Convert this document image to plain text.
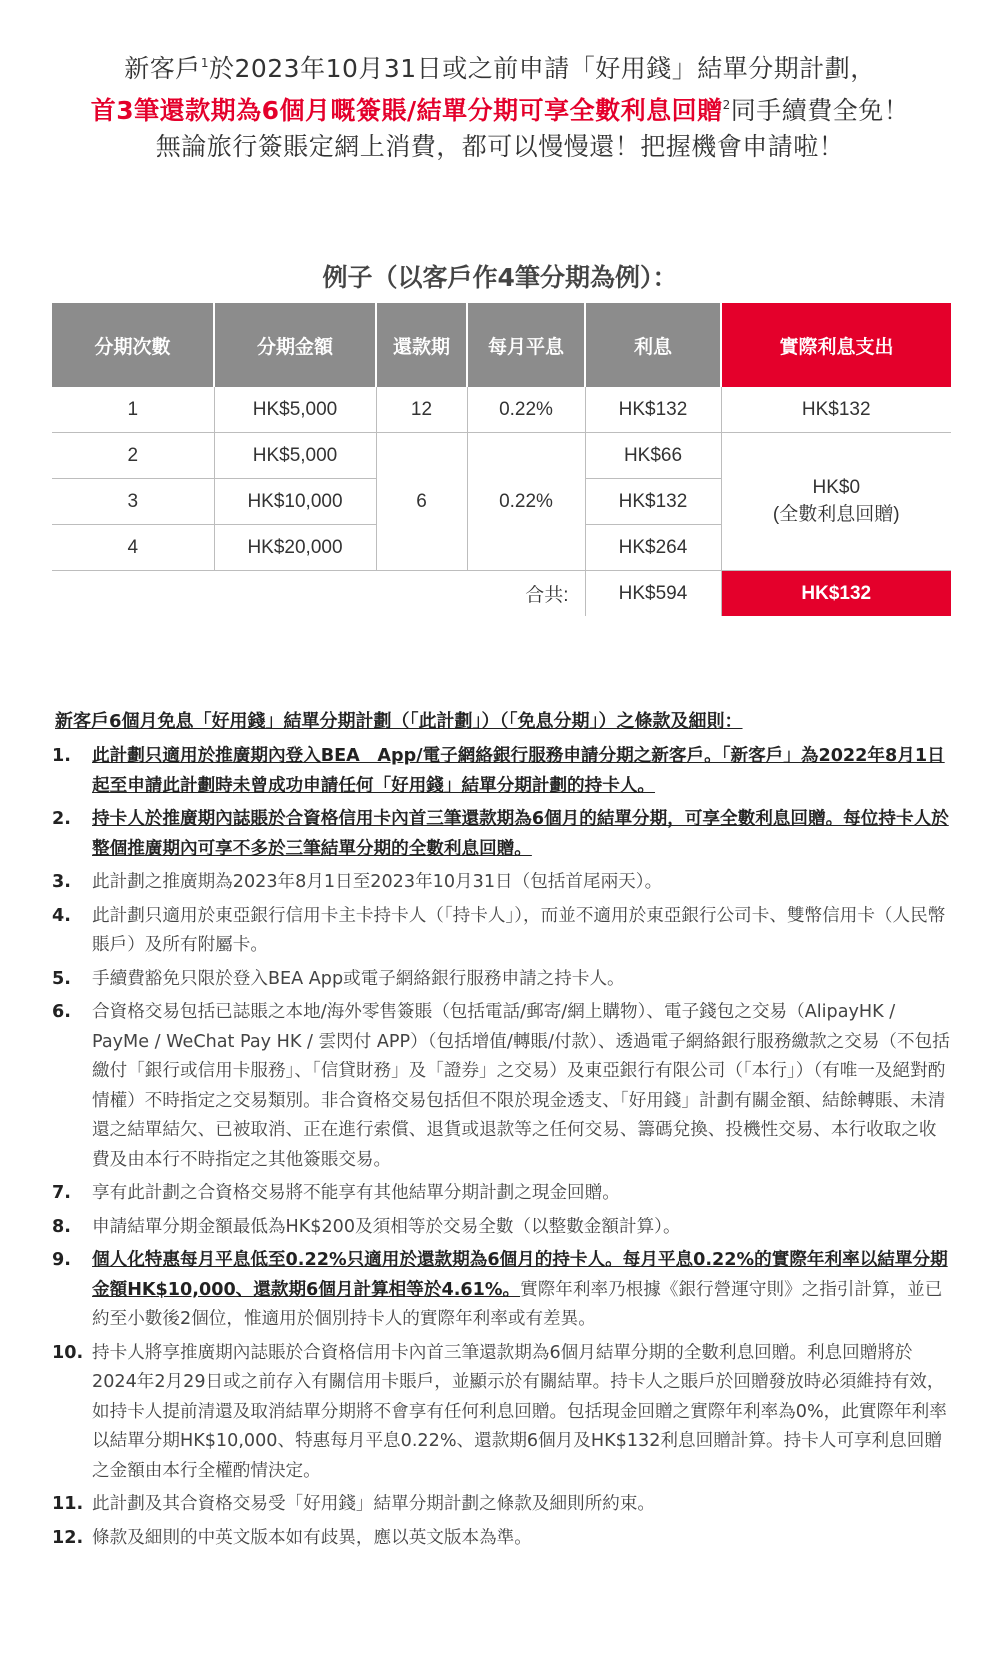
新客戶$^1$於2023年10月31日或之前申請「好用錢」結單分期計劃，
首3筆還款期為6個月嘅簽賬/結單分期可享全數利息回贈$^2$同手續費全免！
無論旅行簽賬定網上消費，都可以慢慢還！把握機會申請啦！
例子（以客戶作4筆分期為例）：
分期次數	分期金額	還款期	每月平息	利息	實際利息支出
1	HK$5,000	12	0.22%	HK$132	HK$132
2	HK$5,000	6	0.22%	HK$66	HK$0
(全數利息回贈)

3	HK$10,000			HK$132	
4	HK$20,000			HK$264	
			合共:	HK$594	HK$132
新客戶6個月免息「好用錢」結單分期計劃（「此計劃」）（「免息分期」）之條款及細則：
1. 此計劃只適用於推廣期內登入BEA　App/電子網絡銀行服務申請分期之新客戶。「新客戶」為2022年8月1日起至申請此計劃時未曾成功申請任何「好用錢」結單分期計劃的持卡人。
2. 持卡人於推廣期內誌賬於合資格信用卡內首三筆還款期為6個月的結單分期，可享全數利息回贈。每位持卡人於整個推廣期內可享不多於三筆結單分期的全數利息回贈。
3. 此計劃之推廣期為2023年8月1日至2023年10月31日（包括首尾兩天）。
4. 此計劃只適用於東亞銀行信用卡主卡持卡人（「持卡人」），而並不適用於東亞銀行公司卡、雙幣信用卡（人民幣賬戶）及所有附屬卡。
5. 手續費豁免只限於登入BEA App或電子網絡銀行服務申請之持卡人。
6. 合資格交易包括已誌賬之本地/海外零售簽賬（包括電話/郵寄/網上購物）、電子錢包之交易（AlipayHK / PayMe / WeChat Pay HK / 雲閃付 APP）（包括增值/轉賬/付款）、透過電子網絡銀行服務繳款之交易（不包括繳付「銀行或信用卡服務」、「信貸財務」及「證券」之交易）及東亞銀行有限公司（「本行」）（有唯一及絕對酌情權）不時指定之交易類別。非合資格交易包括但不限於現金透支、「好用錢」計劃有關金額、結餘轉賬、未清還之結單結欠、已被取消、正在進行索償、退貨或退款等之任何交易、籌碼兌換、投機性交易、本行收取之收費及由本行不時指定之其他簽賬交易。
7. 享有此計劃之合資格交易將不能享有其他結單分期計劃之現金回贈。
8. 申請結單分期金額最低為HK$200及須相等於交易全數（以整數金額計算）。
9. 個人化特惠每月平息低至0.22%只適用於還款期為6個月的持卡人。每月平息0.22%的實際年利率以結單分期金額HK$10,000、還款期6個月計算相等於4.61%。實際年利率乃根據《銀行營運守則》之指引計算，並已約至小數後2個位，惟適用於個別持卡人的實際年利率或有差異。
10. 持卡人將享推廣期內誌賬於合資格信用卡內首三筆還款期為6個月結單分期的全數利息回贈。利息回贈將於2024年2月29日或之前存入有關信用卡賬戶，並顯示於有關結單。持卡人之賬戶於回贈發放時必須維持有效，如持卡人提前清還及取消結單分期將不會享有任何利息回贈。包括現金回贈之實際年利率為0%，此實際年利率以結單分期HK$10,000、特惠每月平息0.22%、還款期6個月及HK$132利息回贈計算。持卡人可享利息回贈之金額由本行全權酌情決定。
11. 此計劃及其合資格交易受「好用錢」結單分期計劃之條款及細則所約束。
12. 條款及細則的中英文版本如有歧異，應以英文版本為準。
